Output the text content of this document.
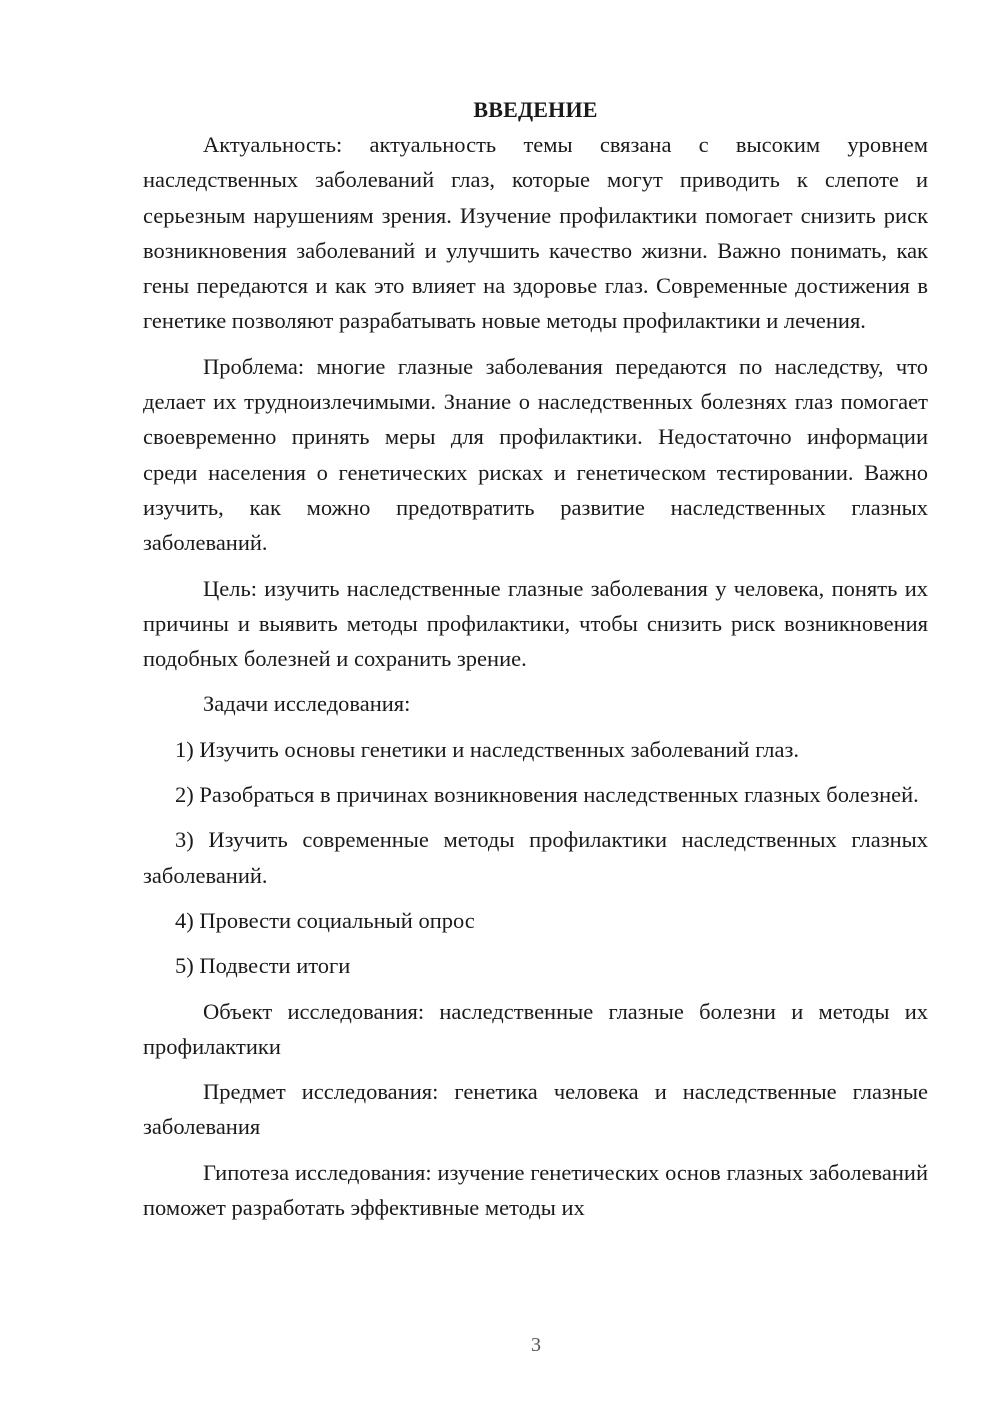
ВВЕДЕНИЕ

Актуальность: актуальность темы связана с высоким уровнем наследственных заболеваний глаз, которые могут приводить к слепоте и серьезным нарушениям зрения. Изучение профилактики помогает снизить риск возникновения заболеваний и улучшить качество жизни. Важно понимать, как гены передаются и как это влияет на здоровье глаз. Современные достижения в генетике позволяют разрабатывать новые методы профилактики и лечения.

Проблема: многие глазные заболевания передаются по наследству, что делает их трудноизлечимыми. Знание о наследственных болезнях глаз помогает своевременно принять меры для профилактики. Недостаточно информации среди населения о генетических рисках и генетическом тестировании. Важно изучить, как можно предотвратить развитие наследственных глазных заболеваний.

Цель: изучить наследственные глазные заболевания у человека, понять их причины и выявить методы профилактики, чтобы снизить риск возникновения подобных болезней и сохранить зрение.

Задачи исследования:

1) Изучить основы генетики и наследственных заболеваний глаз.

2) Разобраться в причинах возникновения наследственных глазных болезней.

3) Изучить современные методы профилактики наследственных глазных заболеваний.

4) Провести социальный опрос

5) Подвести итоги

Объект исследования: наследственные глазные болезни и методы их профилактики

Предмет исследования: генетика человека и наследственные глазные заболевания

Гипотеза исследования: изучение генетических основ глазных заболеваний поможет разработать эффективные методы их

3
